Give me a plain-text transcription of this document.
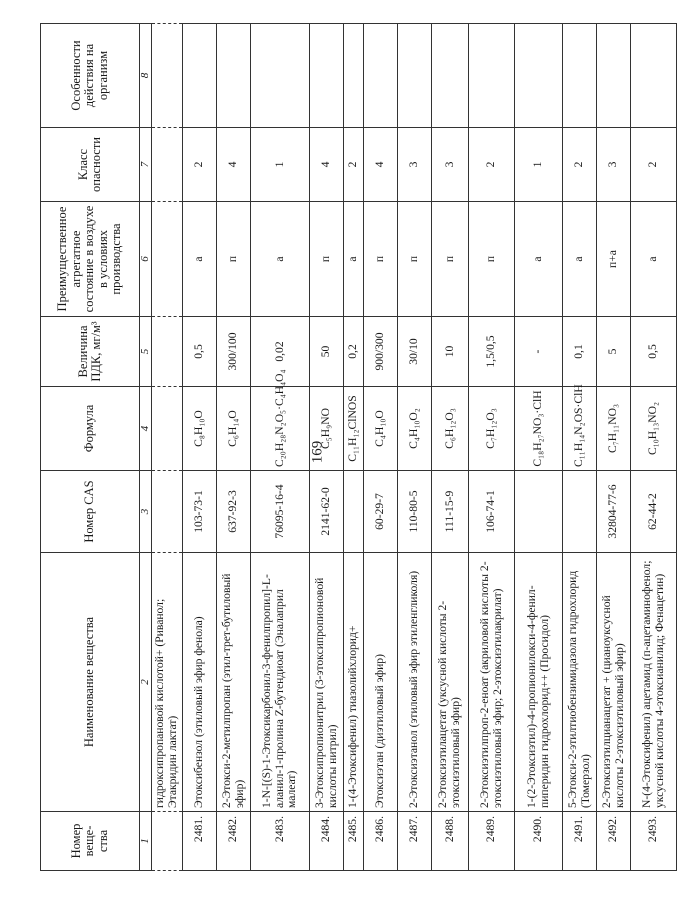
169
Номер веще-ства	Наименование вещества	Номер CAS	Формула	Величина ПДК, мг/м³	Преимущественное агрегатное состояние в воздухе в условиях производства	Класс опасности	Особенности действия на организм
1	2	3	4	5	6	7	8
	гидроксипропановой кислотой+ (Риванол; Этакридин лактат)						
2481.	Этоксибензол (этиловый эфир фенола)	103-73-1	C₈H₁₀O	0,5	а	2	
2482.	2-Этокси-2-метилпропан (этил-трет-бутиловый эфир)	637-92-3	C₆H₁₄O	300/100	п	4	
2483.	1-N-[(S)-1-Этоксикарбонил-3-фенилпропил]-L-аланил-1-пролина Z-бутендиоат (Эналаприл малеат)	76095-16-4	C₂₀H₂₈N₂O₅·C₄H₄O₄	0,02	а	1	
2484.	3-Этоксипропионитрил (3-этоксипропионовой кислоты нитрил)	2141-62-0	C₅H₉NO	50	п	4	
2485.	1-(4-Этоксифенил) тиазолийхлорид+		C₁₁H₁₂ClNOS	0,2	а	2	
2486.	Этоксиэтан (диэтиловый эфир)	60-29-7	C₄H₁₀O	900/300	п	4	
2487.	2-Этоксиэтанол (этиловый эфир этиленгликоля)	110-80-5	C₄H₁₀O₂	30/10	п	3	
2488.	2-Этоксиэтилацетат (уксусной кислоты 2-этоксиэтиловый эфир)	111-15-9	C₆H₁₂O₃	10	п	3	
2489.	2-Этоксиэтилпроп-2-еноат (акриловой кислоты 2-этоксиэтиловый эфир; 2-этоксиэтилакрилат)	106-74-1	C₇H₁₂O₃	1,5/0,5	п	2	
2490.	1-(2-Этоксиэтил)-4-пропионилокси-4-фенил-пиперидин гидрохлорид++ (Просидол)		C₁₈H₂₇NO₃·ClH	-	а	1	
2491.	5-Этокси-2-этилтиобензимидазола гидрохлорид (Томерзол)		C₁₁H₁₄N₂OS·ClH	0,1	а	2	
2492.	2-Этоксиэтилцианацетат + (цианоуксусной кислоты 2-этоксиэтиловый эфир)	32804-77-6	C₇H₁₁NO₃	5	п+а	3	
2493.	N-(4-Этоксифенил) ацетамид (п-ацетаминофенол; уксусной кислоты 4-этоксианилид; Фенацетин)	62-44-2	C₁₀H₁₃NO₂	0,5	а	2	
